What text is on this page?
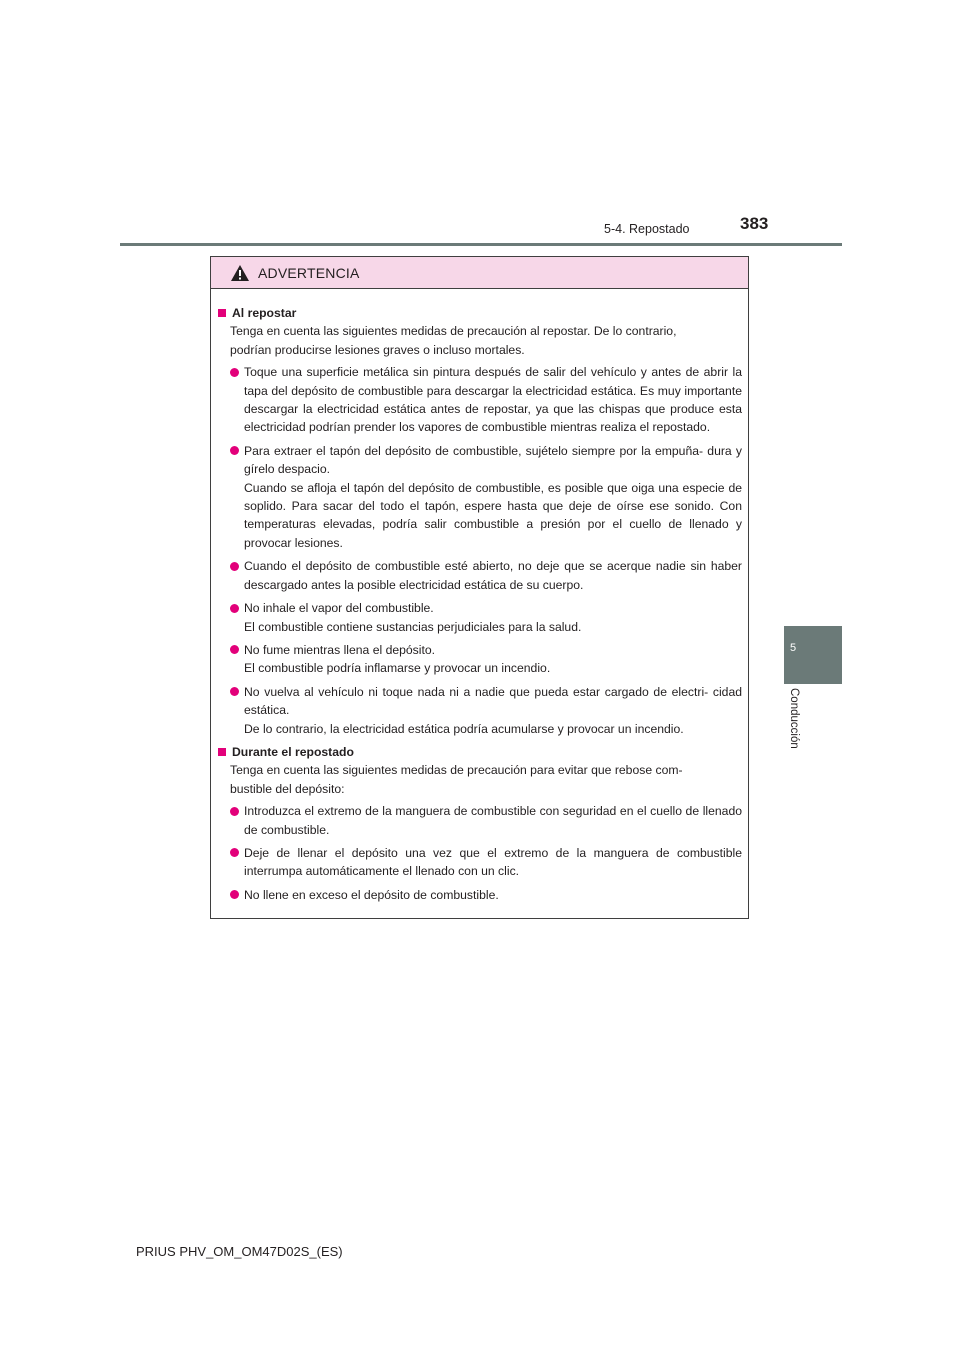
383
5-4. Repostado
5
Conducción
ADVERTENCIA
Al repostar
Tenga en cuenta las siguientes medidas de precaución al repostar. De lo contrario,
podrían producirse lesiones graves o incluso mortales.
Toque una superficie metálica sin pintura después de salir del vehículo y antes de abrir la tapa del depósito de combustible para descargar la electricidad estática. Es muy importante descargar la electricidad estática antes de repostar, ya que las chispas que produce esta electricidad podrían prender los vapores de combustible mientras realiza el repostado.
Para extraer el tapón del depósito de combustible, sujételo siempre por la empuña- dura y gírelo despacio.
Cuando se afloja el tapón del depósito de combustible, es posible que oiga una especie de soplido. Para sacar del todo el tapón, espere hasta que deje de oírse ese sonido. Con temperaturas elevadas, podría salir combustible a presión por el cuello de llenado y provocar lesiones.
Cuando el depósito de combustible esté abierto, no deje que se acerque nadie sin haber descargado antes la posible electricidad estática de su cuerpo.
No inhale el vapor del combustible.
El combustible contiene sustancias perjudiciales para la salud.
No fume mientras llena el depósito.
El combustible podría inflamarse y provocar un incendio.
No vuelva al vehículo ni toque nada ni a nadie que pueda estar cargado de electri- cidad estática.
De lo contrario, la electricidad estática podría acumularse y provocar un incendio.
Durante el repostado
Tenga en cuenta las siguientes medidas de precaución para evitar que rebose com-
bustible del depósito:
Introduzca el extremo de la manguera de combustible con seguridad en el cuello de llenado de combustible.
Deje de llenar el depósito una vez que el extremo de la manguera de combustible interrumpa automáticamente el llenado con un clic.
No llene en exceso el depósito de combustible.
PRIUS PHV_OM_OM47D02S_(ES)
